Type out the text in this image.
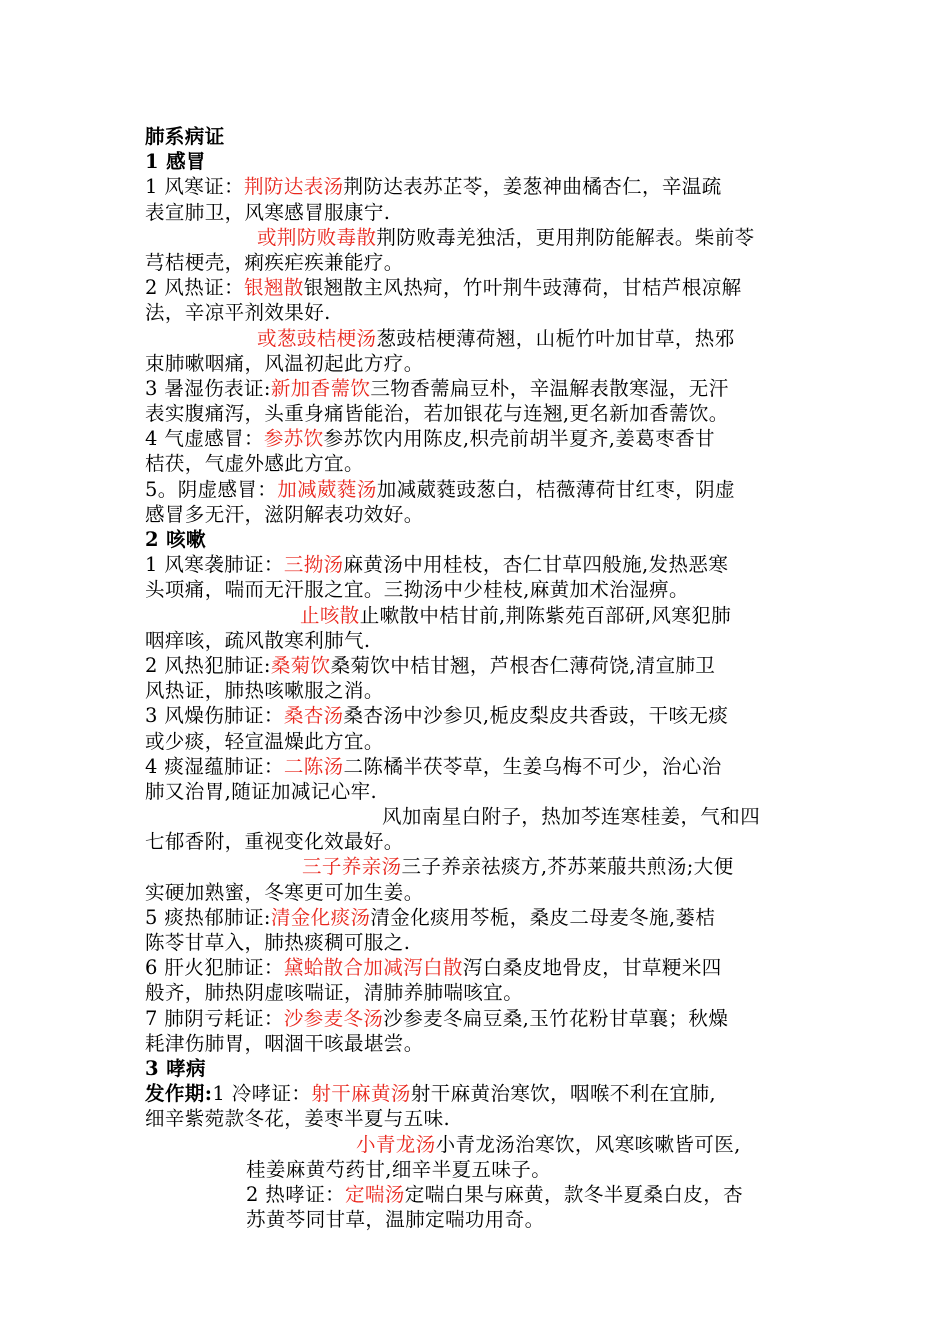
肺系病证
1 感冒
1 风寒证：荆防达表汤荆防达表苏芷苓，姜葱神曲橘杏仁，辛温疏
表宣肺卫，风寒感冒服康宁.
或荆防败毒散荆防败毒羌独活，更用荆防能解表。柴前苓
芎桔梗壳，痢疾疟疾兼能疗。
2 风热证：银翘散银翘散主风热疴，竹叶荆牛豉薄荷，甘桔芦根凉解
法，辛凉平剂效果好.
或葱豉桔梗汤葱豉桔梗薄荷翘，山栀竹叶加甘草，热邪
束肺嗽咽痛，风温初起此方疗。
3 暑湿伤表证:新加香薷饮三物香薷扁豆朴，辛温解表散寒湿，无汗
表实腹痛泻，头重身痛皆能治，若加银花与连翘,更名新加香薷饮。
4 气虚感冒：参苏饮参苏饮内用陈皮,枳壳前胡半夏齐,姜葛枣香甘
桔茯，气虚外感此方宜。
5。阴虚感冒：加减葳蕤汤加减葳蕤豉葱白，桔薇薄荷甘红枣，阴虚
感冒多无汗，滋阴解表功效好。
2 咳嗽
1 风寒袭肺证：三拗汤麻黄汤中用桂枝，杏仁甘草四般施,发热恶寒
头项痛，喘而无汗服之宜。三拗汤中少桂枝,麻黄加术治湿痹。
止咳散止嗽散中桔甘前,荆陈紫苑百部研,风寒犯肺
咽痒咳，疏风散寒利肺气.
2 风热犯肺证:桑菊饮桑菊饮中桔甘翘，芦根杏仁薄荷饶,清宣肺卫
风热证，肺热咳嗽服之消。
3 风燥伤肺证：桑杏汤桑杏汤中沙参贝,栀皮梨皮共香豉，干咳无痰
或少痰，轻宣温燥此方宜。
4 痰湿蕴肺证：二陈汤二陈橘半茯苓草，生姜乌梅不可少，治心治
肺又治胃,随证加减记心牢.
风加南星白附子，热加芩连寒桂姜，气和四
七郁香附，重视变化效最好。
三子养亲汤三子养亲祛痰方,芥苏莱菔共煎汤;大便
实硬加熟蜜，冬寒更可加生姜。
5 痰热郁肺证:清金化痰汤清金化痰用芩栀，桑皮二母麦冬施,蒌桔
陈苓甘草入，肺热痰稠可服之.
6 肝火犯肺证：黛蛤散合加减泻白散泻白桑皮地骨皮，甘草粳米四
般齐，肺热阴虚咳喘证，清肺养肺喘咳宜。
7 肺阴亏耗证：沙参麦冬汤沙参麦冬扁豆桑,玉竹花粉甘草襄；秋燥
耗津伤肺胃，咽涸干咳最堪尝。
3 哮病
发作期:1 冷哮证：射干麻黄汤射干麻黄治寒饮，咽喉不利在宜肺,
细辛紫菀款冬花，姜枣半夏与五味.
小青龙汤小青龙汤治寒饮，风寒咳嗽皆可医,
桂姜麻黄芍药甘,细辛半夏五味子。
2 热哮证：定喘汤定喘白果与麻黄，款冬半夏桑白皮，杏
苏黄芩同甘草，温肺定喘功用奇。
